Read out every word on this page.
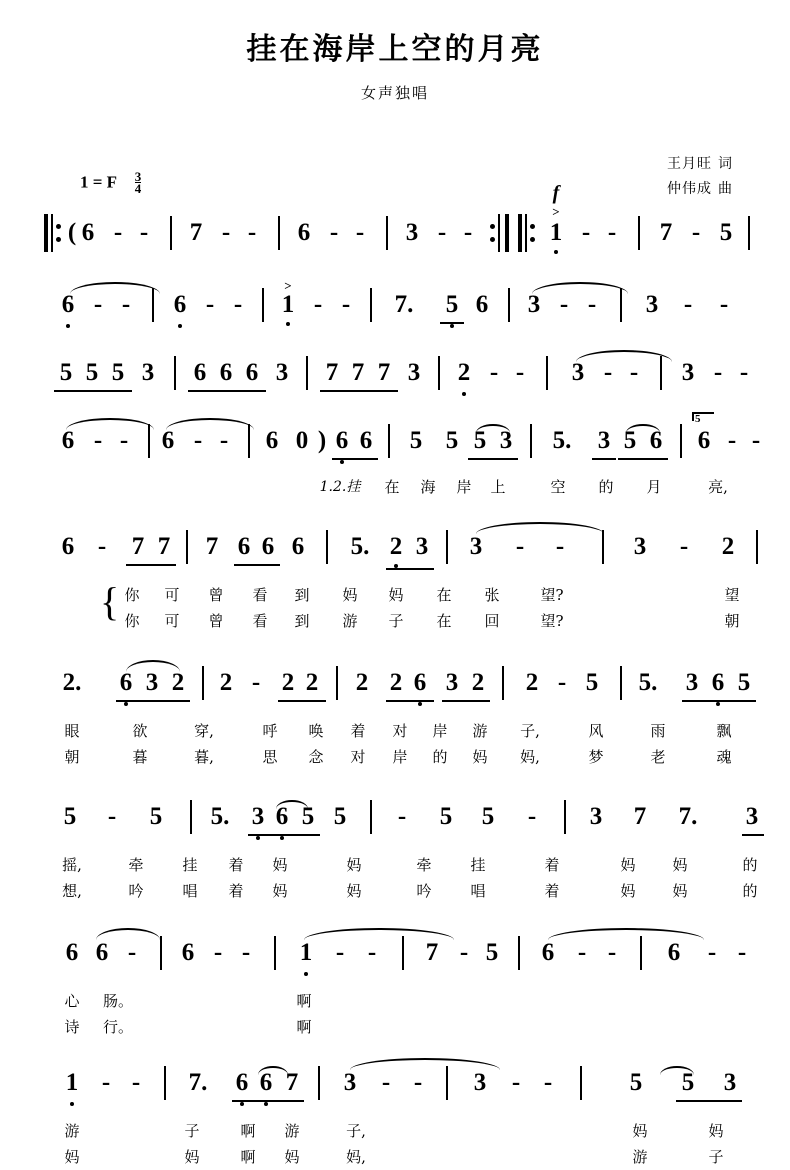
挂在海岸上空的月亮
女声独唱
王月旺 词
仲伟成 曲
1 = F $\frac{3}{4}$
( 6 - - 7 - - 6 - - 3 - -	1
>
f
- - 7 - 5
6 - - 6 - - 1
>
- - 7. 5 6 3 - - 3 - -
5 5 5 3 6 6 6 3 7 7 7 3 2 - - 3 - - 3 - -
6 - - 6 - - 6 0 ) 6 6 5 5 5 3 5. 3 5 6
5
6 - -
1.2.挂 在 海 岸 上	空 的 月	亮,
6 - 7 7 7 6 6 6 5. 2 3 3 - -	3 - 2
{ 你 可 曾 看 到 妈 妈 在 张	望?	望
你 可 曾 看 到 游 子 在 回	望?	朝
2. 6 3 2 2 - 2 2 2 2 6 3 2 2 - 5 5. 3 6 5
眼	欲	穿,	呼 唤 着 对 岸 游 子,	风	雨	飘
朝	暮	暮,	思 念 对 岸 的 妈 妈,	梦	老	魂
5 - 5 5. 3 6 5 5 - 5 5 - 3 7 7. 3
摇,	牵	挂 着 妈	妈	牵	挂	着	妈 妈	的
想,	吟	唱 着 妈	妈	吟	唱	着	妈 妈	的
6 6 - 6 - - 1 - - 7 - 5 6 - - 6 - -
心 肠。	啊
诗 行。	啊
1 - - 7. 6 6 7 3 - - 3 - -	5 5 3
游	子	啊 游	子,	妈	妈
妈	妈	啊 妈	妈,	游	子
